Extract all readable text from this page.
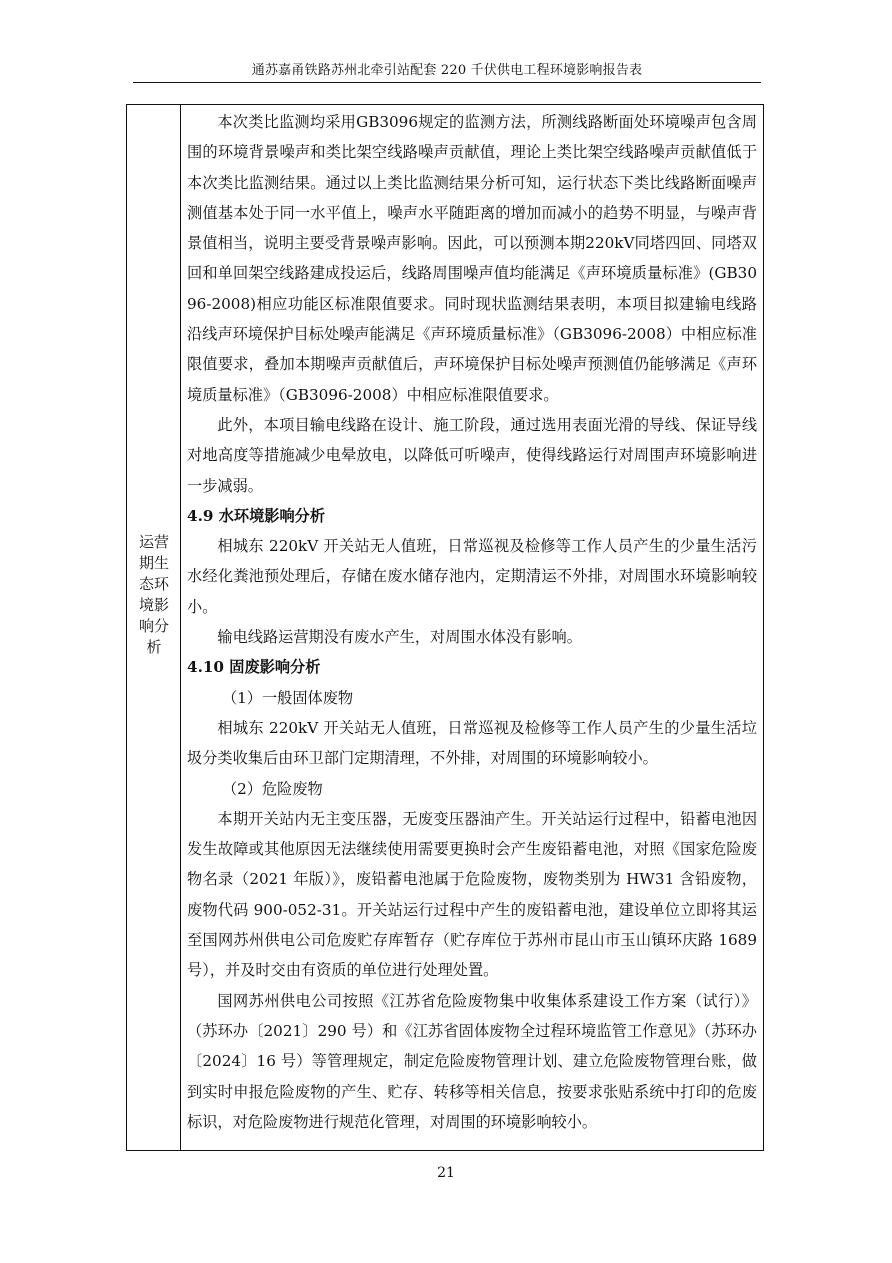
通苏嘉甬铁路苏州北牵引站配套 220 千伏供电工程环境影响报告表
运营期生态环境影响分析

本次类比监测均采用GB3096规定的监测方法，所测线路断面处环境噪声包含周围的环境背景噪声和类比架空线路噪声贡献值，理论上类比架空线路噪声贡献值低于本次类比监测结果。通过以上类比监测结果分析可知，运行状态下类比线路断面噪声测值基本处于同一水平值上，噪声水平随距离的增加而减小的趋势不明显，与噪声背景值相当，说明主要受背景噪声影响。因此，可以预测本期220kV同塔四回、同塔双回和单回架空线路建成投运后，线路周围噪声值均能满足《声环境质量标准》(GB3096-2008)相应功能区标准限值要求。同时现状监测结果表明，本项目拟建输电线路沿线声环境保护目标处噪声能满足《声环境质量标准》（GB3096-2008）中相应标准限值要求，叠加本期噪声贡献值后，声环境保护目标处噪声预测值仍能够满足《声环境质量标准》（GB3096-2008）中相应标准限值要求。

此外，本项目输电线路在设计、施工阶段，通过选用表面光滑的导线、保证导线对地高度等措施减少电晕放电，以降低可听噪声，使得线路运行对周围声环境影响进一步减弱。

4.9 水环境影响分析

相城东 220kV 开关站无人值班，日常巡视及检修等工作人员产生的少量生活污水经化粪池预处理后，存储在废水储存池内，定期清运不外排，对周围水环境影响较小。

输电线路运营期没有废水产生，对周围水体没有影响。

4.10 固废影响分析

（1）一般固体废物

相城东 220kV 开关站无人值班，日常巡视及检修等工作人员产生的少量生活垃圾分类收集后由环卫部门定期清理，不外排，对周围的环境影响较小。

（2）危险废物

本期开关站内无主变压器，无废变压器油产生。开关站运行过程中，铅蓄电池因发生故障或其他原因无法继续使用需要更换时会产生废铅蓄电池，对照《国家危险废物名录（2021 年版）》，废铅蓄电池属于危险废物，废物类别为 HW31 含铅废物，废物代码 900-052-31。开关站运行过程中产生的废铅蓄电池，建设单位立即将其运至国网苏州供电公司危废贮存库暂存（贮存库位于苏州市昆山市玉山镇环庆路 1689 号），并及时交由有资质的单位进行处理处置。

国网苏州供电公司按照《江苏省危险废物集中收集体系建设工作方案（试行）》（苏环办〔2021〕290 号）和《江苏省固体废物全过程环境监管工作意见》（苏环办〔2024〕16 号）等管理规定，制定危险废物管理计划、建立危险废物管理台账，做到实时申报危险废物的产生、贮存、转移等相关信息，按要求张贴系统中打印的危废标识，对危险废物进行规范化管理，对周围的环境影响较小。

21
